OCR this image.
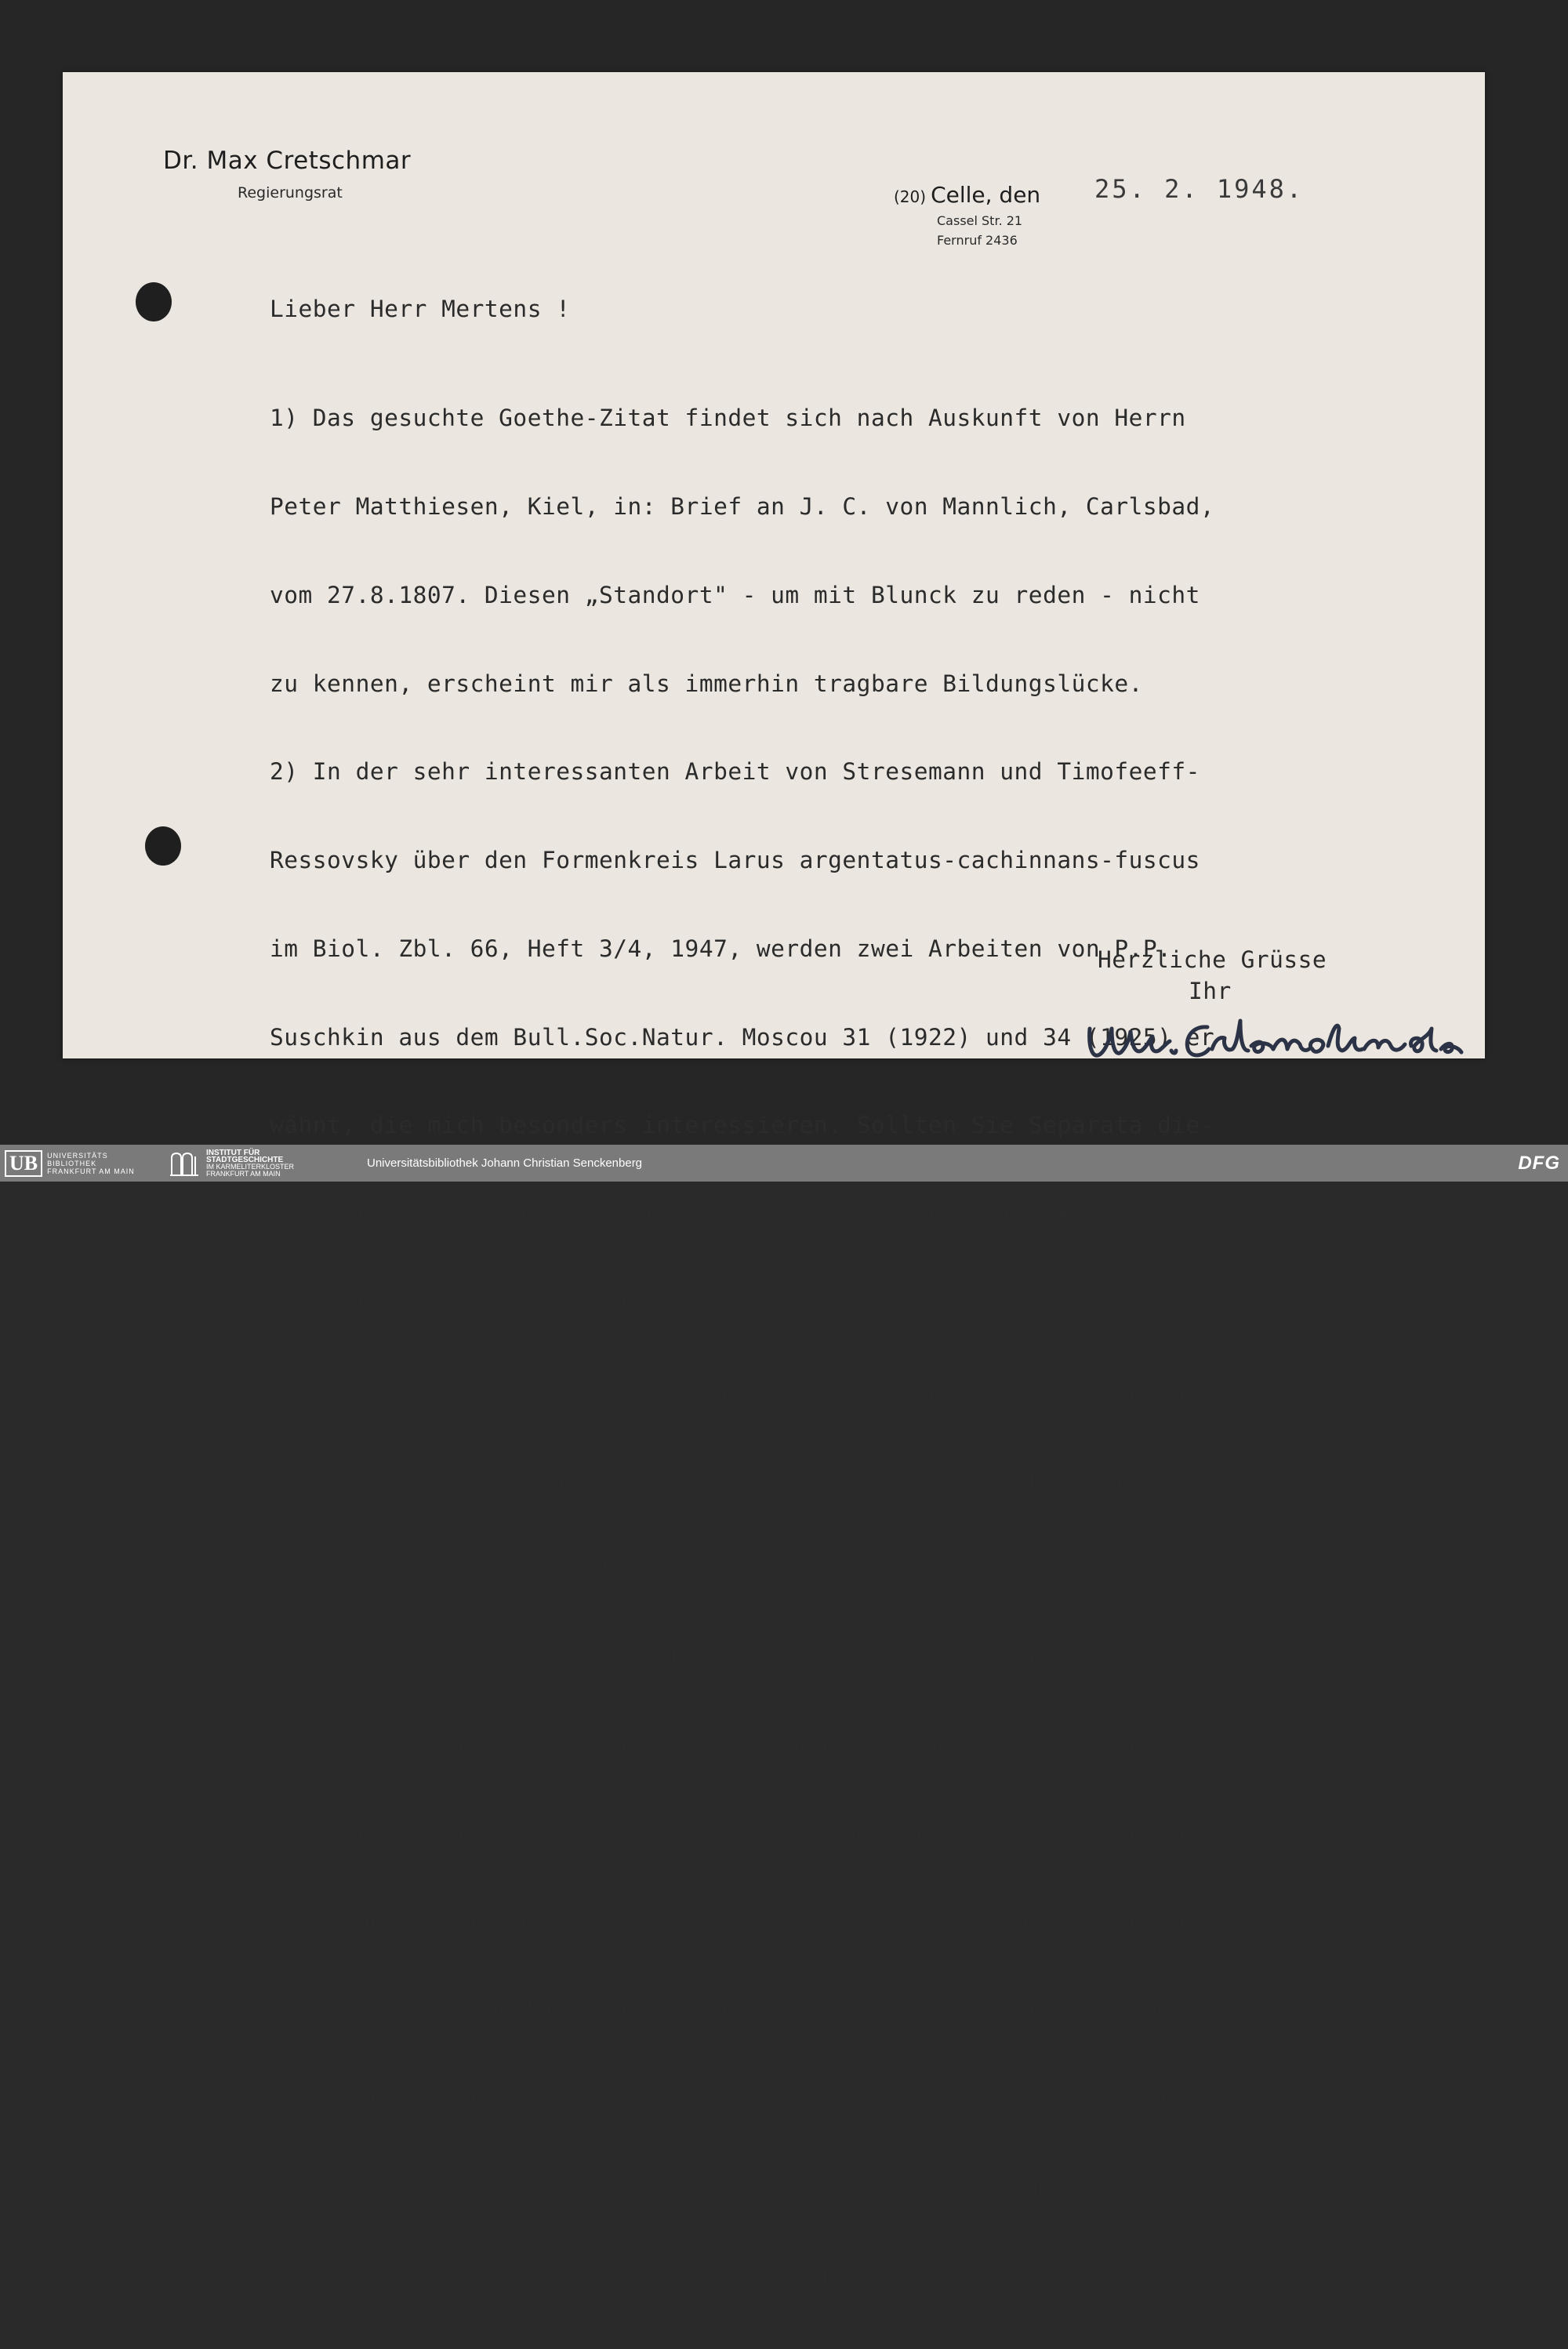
Dr. Max Cretschmar
Regierungsrat	(20) Celle, den 25. 2. 1948.
Cassel Str. 21
Fernruf 2436
Lieber Herr Mertens !

1) Das gesuchte Goethe-Zitat findet sich nach Auskunft von Herrn

Peter Matthiesen, Kiel, in: Brief an J. C. von Mannlich, Carlsbad,

vom 27.8.1807. Diesen „Standort" - um mit Blunck zu reden - nicht

zu kennen, erscheint mir als immerhin tragbare Bildungslücke.

2) In der sehr interessanten Arbeit von Stresemann und Timofeeff-

Ressovsky über den Formenkreis Larus argentatus-cachinnans-fuscus

im Biol. Zbl. 66, Heft 3/4, 1947, werden zwei Arbeiten von P.P.

Suschkin aus dem Bull.Soc.Natur. Moscou 31 (1922) und 34 (1925) er-

wähnt, die mich besonders interessieren. Sollten Sie Separata die-

ser Veröffentlichungen besitzen, so wäre ich Ihnen für kurze leihwei-

se Überlassung aufrichtig dankbar.

3) Es ist möglich, daß bei Ihnen ein Herr Steinbrink auf mein Anra-

ten hin aufkreuzt. Er ist hier bei der Niedersächsischen Serum- und

Arzneimittel-Fabrik, Celle, als Schlangenpfleger und -entgifter ange-

stellt, hat sich früher als Liebhaber schon mit Schlangen abgegeben

- will z.B. Kreuzottern gezüchtet haben - und möchte sich näher in-

formieren über die Entgiftungsverfahren bei grösseren Giftschlangen,

z.B. Kobras. Ich habe mir erlaubt, ihm einen Besuch bei Ihnen zu

empfehlen mit dem Hintergedanken, daß er sich sicher bereitfinden

wird, Ihnen eine Serie Kreuzottern und wohl auch anderer Reptilien

aus dem hiesigen Gebiet zu verschaffen, so daß bei dem Interview

doch auch für Sie etwas herauskommen dürfte.

Herzliche Grüsse
Ihr
UB	UNIVERSITÄTS
BIBLIOTHEK
FRANKFURT AM MAIN
INSTITUT FÜR
STADTGESCHICHTE
IM KARMELITERKLOSTER
FRANKFURT AM MAIN
Universitätsbibliothek Johann Christian Senckenberg	DFG
